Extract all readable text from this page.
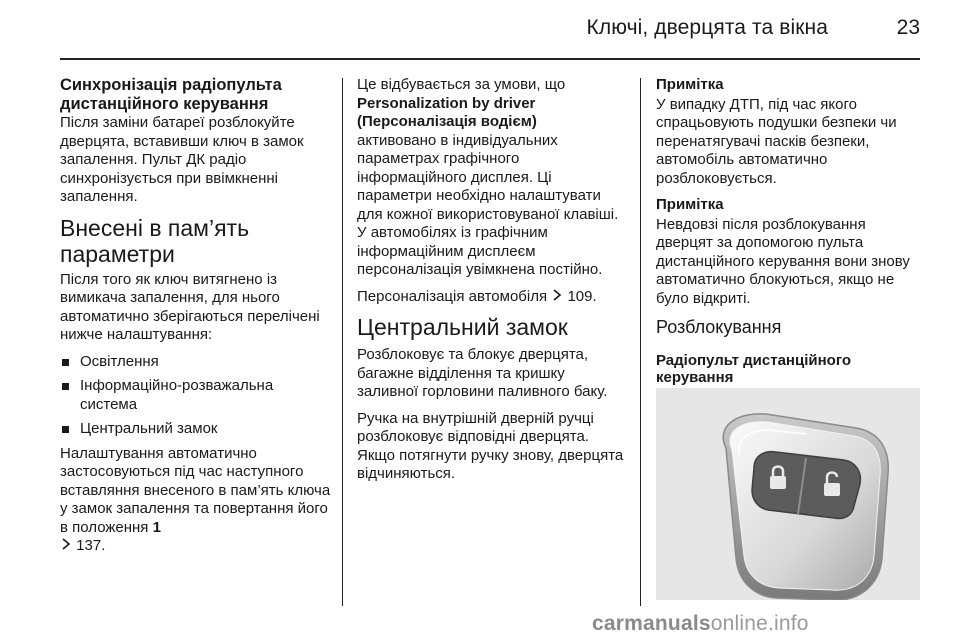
Ключі, дверцята та вікна	23
Синхронізація радіопульта дистанційного керування

Після заміни батареї розблокуйте дверцята, вставивши ключ в замок запалення. Пульт ДК радіо синхронізується при ввімкненні запалення.

Внесені в пам’ять параметри

Після того як ключ витягнено із вимикача запалення, для нього автоматично зберігаються перелічені нижче налаштування:

Освітлення
Інформаційно-розважальна система
Центральний замок

Налаштування автоматично застосовуються під час наступного вставляння внесеного в пам’ять ключа у замок запалення та повертання його в положення 1
137.

Це відбувається за умови, що
Personalization by driver (Персоналізація водієм)

активовано в індивідуальних параметрах графічного інформаційного дисплея. Ці параметри необхідно налаштувати для кожної використовуваної клавіші. У автомобілях із графічним інформаційним дисплеєм персоналізація увімкнена постійно.

Персоналізація автомобіля 109.

Центральний замок

Розблоковує та блокує дверцята, багажне відділення та кришку заливної горловини паливного баку.

Ручка на внутрішній дверній ручці розблоковує відповідні дверцята. Якщо потягнути ручку знову, дверцята відчиняються.

Примітка

У випадку ДТП, під час якого спрацьовують подушки безпеки чи перенатягувачі пасків безпеки, автомобіль автоматично розблоковується.

Примітка

Невдовзі після розблокування дверцят за допомогою пульта дистанційного керування вони знову автоматично блокуються, якщо не було відкриті.

Розблокування
Радіопульт дистанційного керування
carmanualsonline.info
